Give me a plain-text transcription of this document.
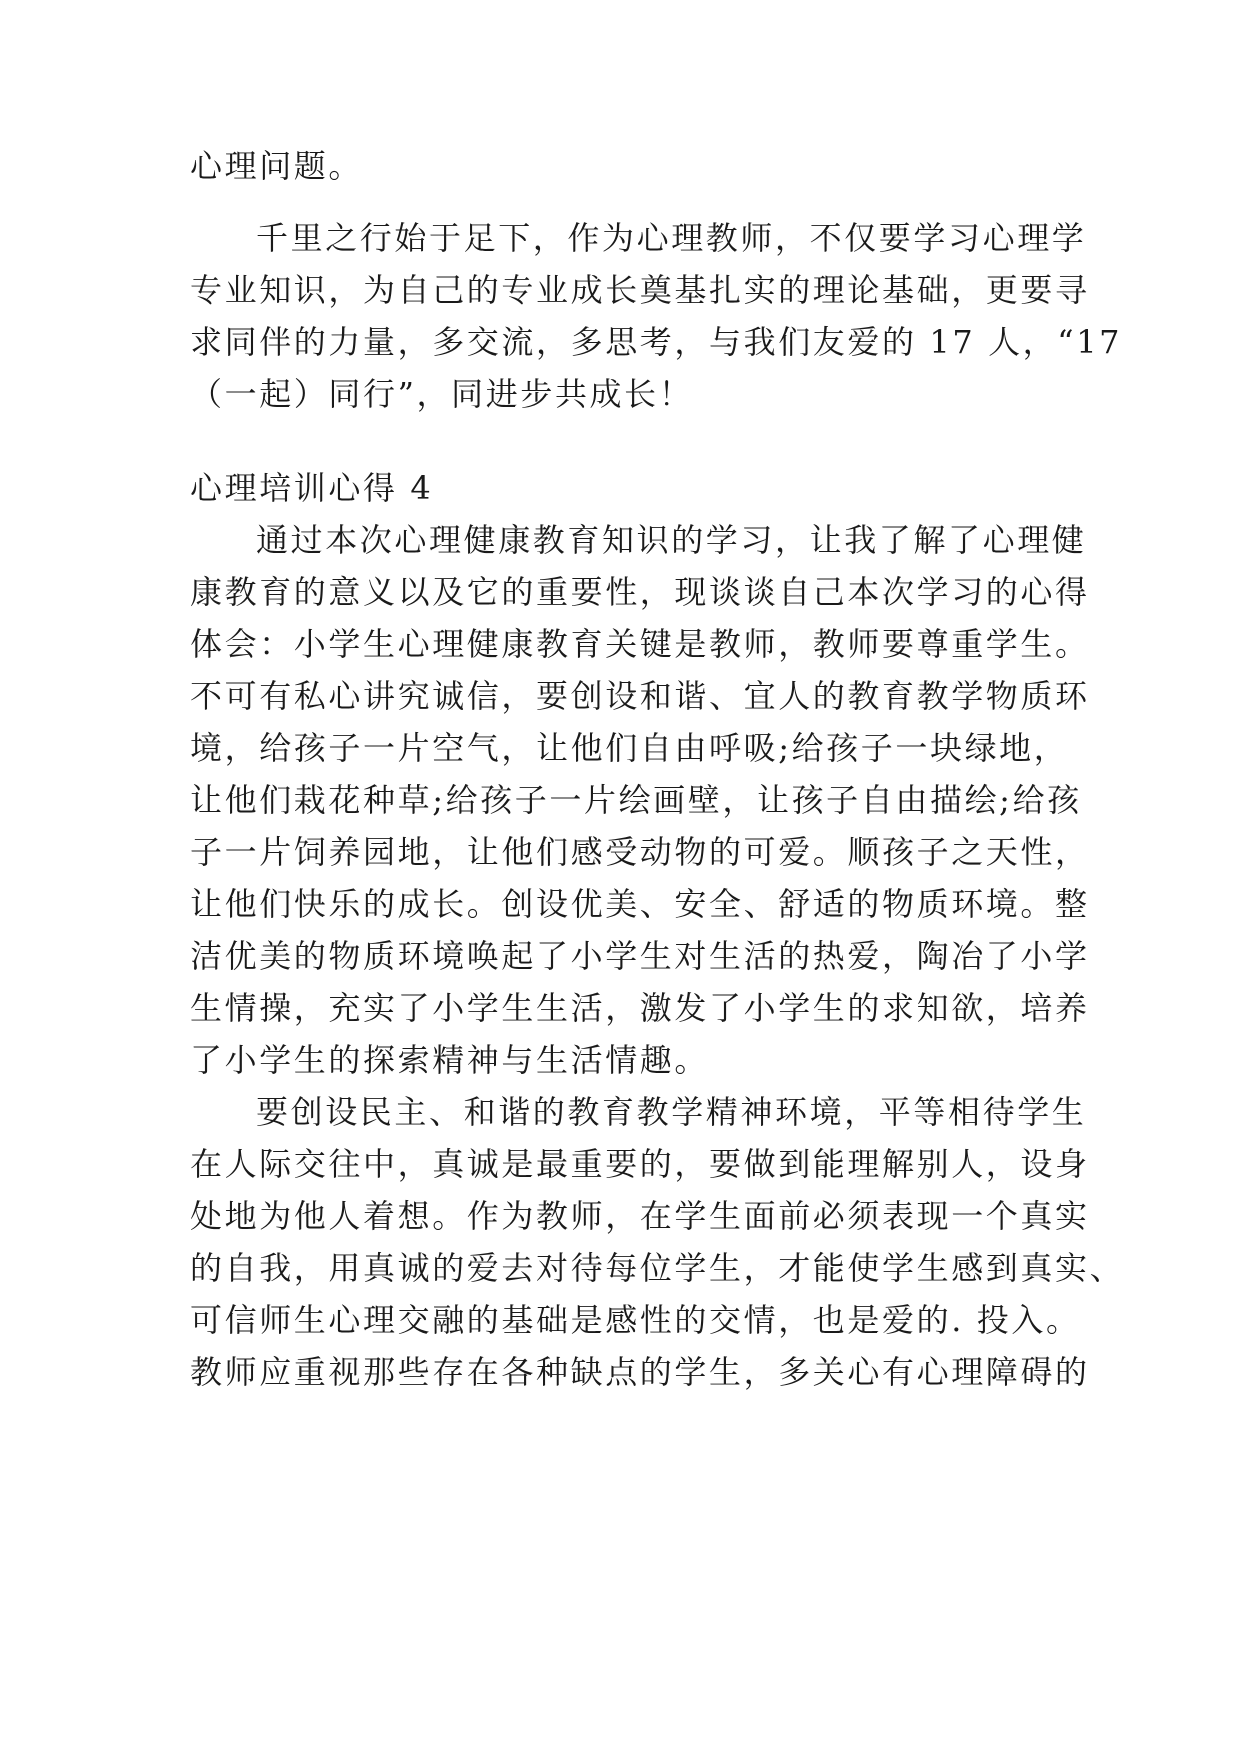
心理问题。
千里之行始于足下，作为心理教师，不仅要学习心理学
专业知识，为自己的专业成长奠基扎实的理论基础，更要寻
求同伴的力量，多交流，多思考，与我们友爱的 17 人，“17
（一起）同行”，同进步共成长！
心理培训心得 4
通过本次心理健康教育知识的学习，让我了解了心理健
康教育的意义以及它的重要性，现谈谈自己本次学习的心得
体会：小学生心理健康教育关键是教师，教师要尊重学生。
不可有私心讲究诚信，要创设和谐、宜人的教育教学物质环
境，给孩子一片空气，让他们自由呼吸;给孩子一块绿地，
让他们栽花种草;给孩子一片绘画壁，让孩子自由描绘;给孩
子一片饲养园地，让他们感受动物的可爱。顺孩子之天性，
让他们快乐的成长。创设优美、安全、舒适的物质环境。整
洁优美的物质环境唤起了小学生对生活的热爱，陶冶了小学
生情操，充实了小学生生活，激发了小学生的求知欲，培养
了小学生的探索精神与生活情趣。
要创设民主、和谐的教育教学精神环境，平等相待学生
在人际交往中，真诚是最重要的，要做到能理解别人，设身
处地为他人着想。作为教师，在学生面前必须表现一个真实
的自我，用真诚的爱去对待每位学生，才能使学生感到真实、
可信师生心理交融的基础是感性的交情，也是爱的. 投入。
教师应重视那些存在各种缺点的学生，多关心有心理障碍的
